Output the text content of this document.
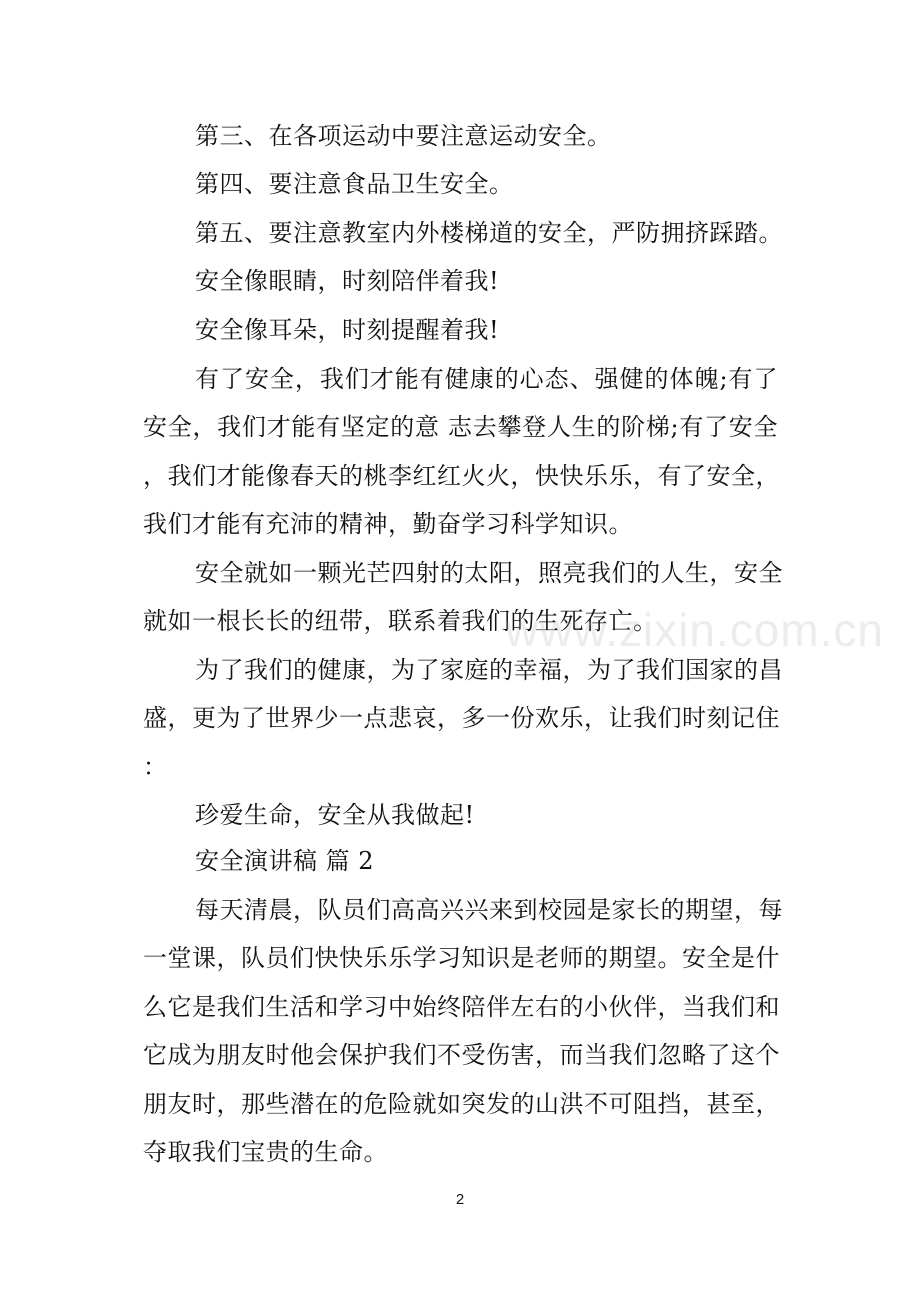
第三、在各项运动中要注意运动安全。
第四、要注意食品卫生安全。
第五、要注意教室内外楼梯道的安全，严防拥挤踩踏。
安全像眼睛，时刻陪伴着我!
安全像耳朵，时刻提醒着我!
有了安全，我们才能有健康的心态、强健的体魄;有了
安全，我们才能有坚定的意 志去攀登人生的阶梯;有了安全
，我们才能像春天的桃李红红火火，快快乐乐，有了安全，
我们才能有充沛的精神，勤奋学习科学知识。
安全就如一颗光芒四射的太阳，照亮我们的人生，安全
就如一根长长的纽带，联系着我们的生死存亡。
为了我们的健康，为了家庭的幸福，为了我们国家的昌
盛，更为了世界少一点悲哀，多一份欢乐，让我们时刻记住
：
珍爱生命，安全从我做起!
安全演讲稿 篇 2
每天清晨，队员们高高兴兴来到校园是家长的期望，每
一堂课，队员们快快乐乐学习知识是老师的期望。安全是什
么它是我们生活和学习中始终陪伴左右的小伙伴，当我们和
它成为朋友时他会保护我们不受伤害，而当我们忽略了这个
朋友时，那些潜在的危险就如突发的山洪不可阻挡，甚至，
夺取我们宝贵的生命。
www.zixin.com.cn
2
